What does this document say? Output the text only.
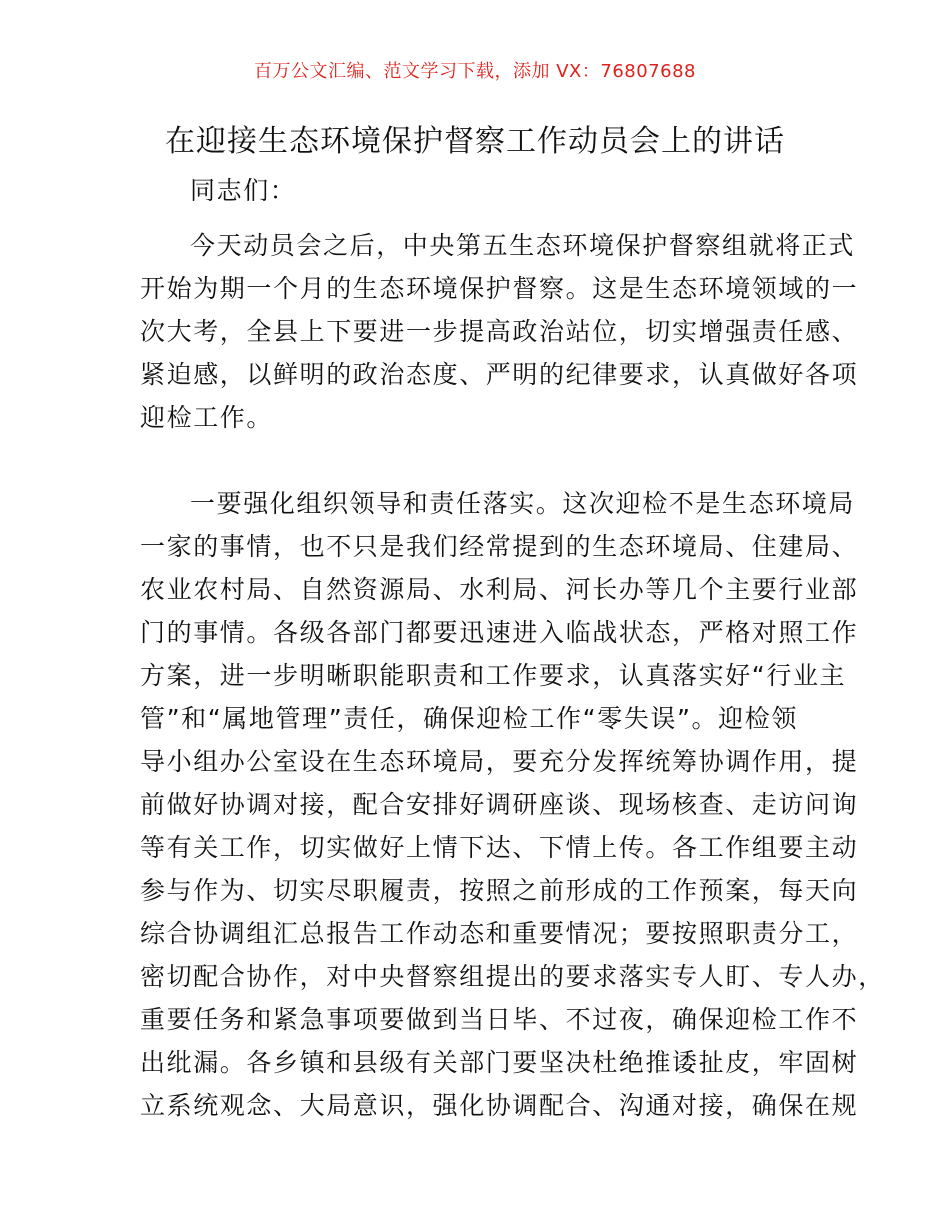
百万公文汇编、范文学习下载，添加 VX：76807688
在迎接生态环境保护督察工作动员会上的讲话
同志们：
今天动员会之后，中央第五生态环境保护督察组就将正式
开始为期一个月的生态环境保护督察。这是生态环境领域的一
次大考，全县上下要进一步提高政治站位，切实增强责任感、
紧迫感，以鲜明的政治态度、严明的纪律要求，认真做好各项
迎检工作。
一要强化组织领导和责任落实。这次迎检不是生态环境局
一家的事情，也不只是我们经常提到的生态环境局、住建局、
农业农村局、自然资源局、水利局、河长办等几个主要行业部
门的事情。各级各部门都要迅速进入临战状态，严格对照工作
方案，进一步明晰职能职责和工作要求，认真落实好“行业主
管”和“属地管理”责任，确保迎检工作“零失误”。迎检领
导小组办公室设在生态环境局，要充分发挥统筹协调作用，提
前做好协调对接，配合安排好调研座谈、现场核查、走访问询
等有关工作，切实做好上情下达、下情上传。各工作组要主动
参与作为、切实尽职履责，按照之前形成的工作预案，每天向
综合协调组汇总报告工作动态和重要情况；要按照职责分工，
密切配合协作，对中央督察组提出的要求落实专人盯、专人办，
重要任务和紧急事项要做到当日毕、不过夜，确保迎检工作不
出纰漏。各乡镇和县级有关部门要坚决杜绝推诿扯皮，牢固树
立系统观念、大局意识，强化协调配合、沟通对接，确保在规
